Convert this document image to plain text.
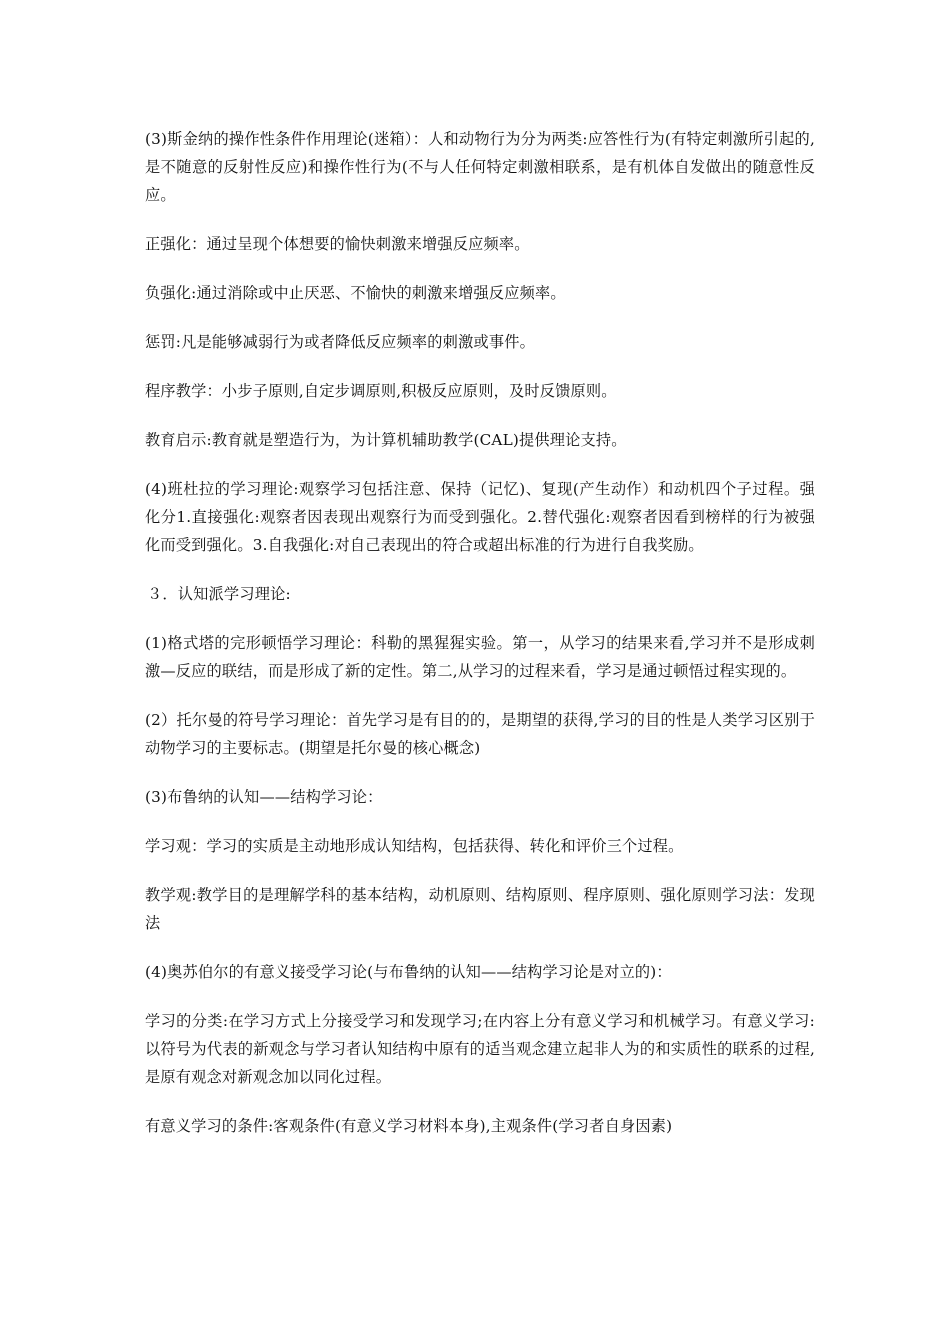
(3)斯金纳的操作性条件作用理论(迷箱）：人和动物行为分为两类:应答性行为(有特定刺激所引起的,是不随意的反射性反应)和操作性行为(不与人任何特定刺激相联系，是有机体自发做出的随意性反应。

正强化：通过呈现个体想要的愉快刺激来增强反应频率。

负强化:通过消除或中止厌恶、不愉快的刺激来增强反应频率。

惩罚:凡是能够减弱行为或者降低反应频率的刺激或事件。

程序教学：小步子原则,自定步调原则,积极反应原则，及时反馈原则。

教育启示:教育就是塑造行为，为计算机辅助教学(CAL)提供理论支持。

(4)班杜拉的学习理论:观察学习包括注意、保持（记忆)、复现(产生动作）和动机四个子过程。强化分1.直接强化:观察者因表现出观察行为而受到强化。2.替代强化:观察者因看到榜样的行为被强化而受到强化。3.自我强化:对自己表现出的符合或超出标准的行为进行自我奖励。

３．认知派学习理论:

(1)格式塔的完形顿悟学习理论：科勒的黑猩猩实验。第一，从学习的结果来看,学习并不是形成刺激—反应的联结，而是形成了新的定性。第二,从学习的过程来看，学习是通过顿悟过程实现的。

(2）托尔曼的符号学习理论：首先学习是有目的的，是期望的获得,学习的目的性是人类学习区别于动物学习的主要标志。(期望是托尔曼的核心概念)

(3)布鲁纳的认知——结构学习论：

学习观：学习的实质是主动地形成认知结构，包括获得、转化和评价三个过程。

教学观:教学目的是理解学科的基本结构，动机原则、结构原则、程序原则、强化原则学习法：发现法

(4)奥苏伯尔的有意义接受学习论(与布鲁纳的认知——结构学习论是对立的)：

学习的分类:在学习方式上分接受学习和发现学习;在内容上分有意义学习和机械学习。有意义学习:以符号为代表的新观念与学习者认知结构中原有的适当观念建立起非人为的和实质性的联系的过程,是原有观念对新观念加以同化过程。

有意义学习的条件:客观条件(有意义学习材料本身),主观条件(学习者自身因素)
